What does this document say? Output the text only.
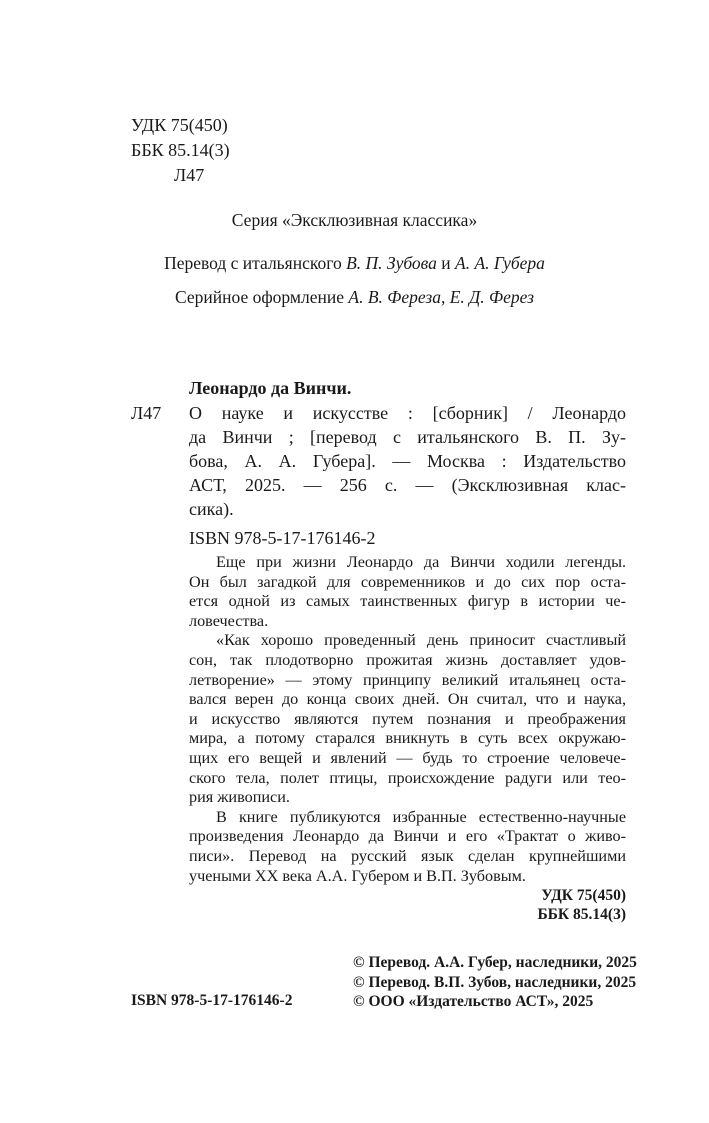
УДК 75(450)
ББК 85.14(3)
Л47
Серия «Эксклюзивная классика»
Перевод с итальянского В. П. Зубова и А. А. Губера
Серийное оформление А. В. Фереза, Е. Д. Ферез
Леонардо да Винчи.
Л47 О науке и искусстве : [сборник] / Леонардо
да Винчи ; [перевод с итальянского В. П. Зу-
бова, А. А. Губера]. — Москва : Издательство
АСТ, 2025. — 256 с. — (Эксклюзивная клас-
сика).
ISBN 978-5-17-176146-2
Еще при жизни Леонардо да Винчи ходили легенды.
Он был загадкой для современников и до сих пор оста-
ется одной из самых таинственных фигур в истории че-
ловечества.
«Как хорошо проведенный день приносит счастливый
сон, так плодотворно прожитая жизнь доставляет удов-
летворение» — этому принципу великий итальянец оста-
вался верен до конца своих дней. Он считал, что и наука,
и искусство являются путем познания и преображения
мира, а потому старался вникнуть в суть всех окружаю-
щих его вещей и явлений — будь то строение человече-
ского тела, полет птицы, происхождение радуги или тео-
рия живописи.
В книге публикуются избранные естественно-научные
произведения Леонардо да Винчи и его «Трактат о живо-
писи». Перевод на русский язык сделан крупнейшими
учеными XX века А.А. Губером и В.П. Зубовым.
УДК 75(450)
ББК 85.14(3)
© Перевод. А.А. Губер, наследники, 2025
© Перевод. В.П. Зубов, наследники, 2025
© ООО «Издательство АСТ», 2025
ISBN 978-5-17-176146-2
